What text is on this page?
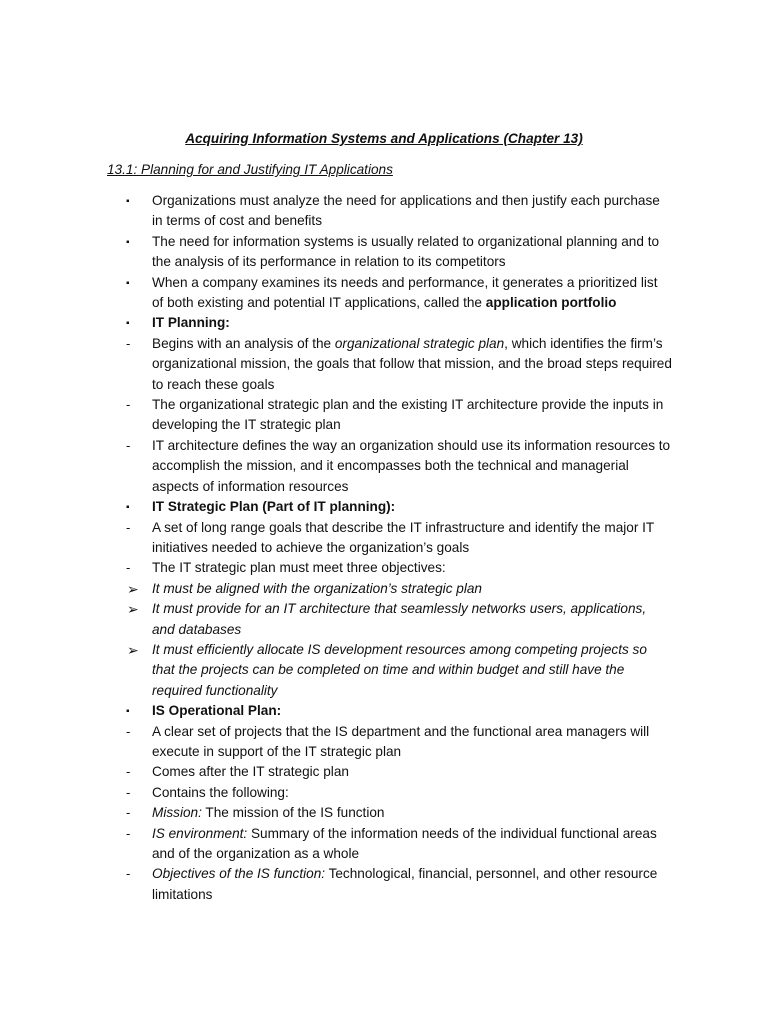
Acquiring Information Systems and Applications (Chapter 13)
13.1: Planning for and Justifying IT Applications
▪	Organizations must analyze the need for applications and then justify each purchase in terms of cost and benefits
▪	The need for information systems is usually related to organizational planning and to the analysis of its performance in relation to its competitors
▪	When a company examines its needs and performance, it generates a prioritized list of both existing and potential IT applications, called the application portfolio
▪	IT Planning:
-	Begins with an analysis of the organizational strategic plan, which identifies the firm’s organizational mission, the goals that follow that mission, and the broad steps required to reach these goals
-	The organizational strategic plan and the existing IT architecture provide the inputs in developing the IT strategic plan
-	IT architecture defines the way an organization should use its information resources to accomplish the mission, and it encompasses both the technical and managerial aspects of information resources
▪	IT Strategic Plan (Part of IT planning):
-	A set of long range goals that describe the IT infrastructure and identify the major IT initiatives needed to achieve the organization’s goals
-	The IT strategic plan must meet three objectives:
➢ It must be aligned with the organization’s strategic plan
➢ It must provide for an IT architecture that seamlessly networks users, applications, and databases
➢ It must efficiently allocate IS development resources among competing projects so that the projects can be completed on time and within budget and still have the required functionality
▪	IS Operational Plan:
-	A clear set of projects that the IS department and the functional area managers will execute in support of the IT strategic plan
-	Comes after the IT strategic plan
-	Contains the following:
-	Mission: The mission of the IS function
-	IS environment: Summary of the information needs of the individual functional areas and of the organization as a whole
-	Objectives of the IS function: Technological, financial, personnel, and other resource limitations
